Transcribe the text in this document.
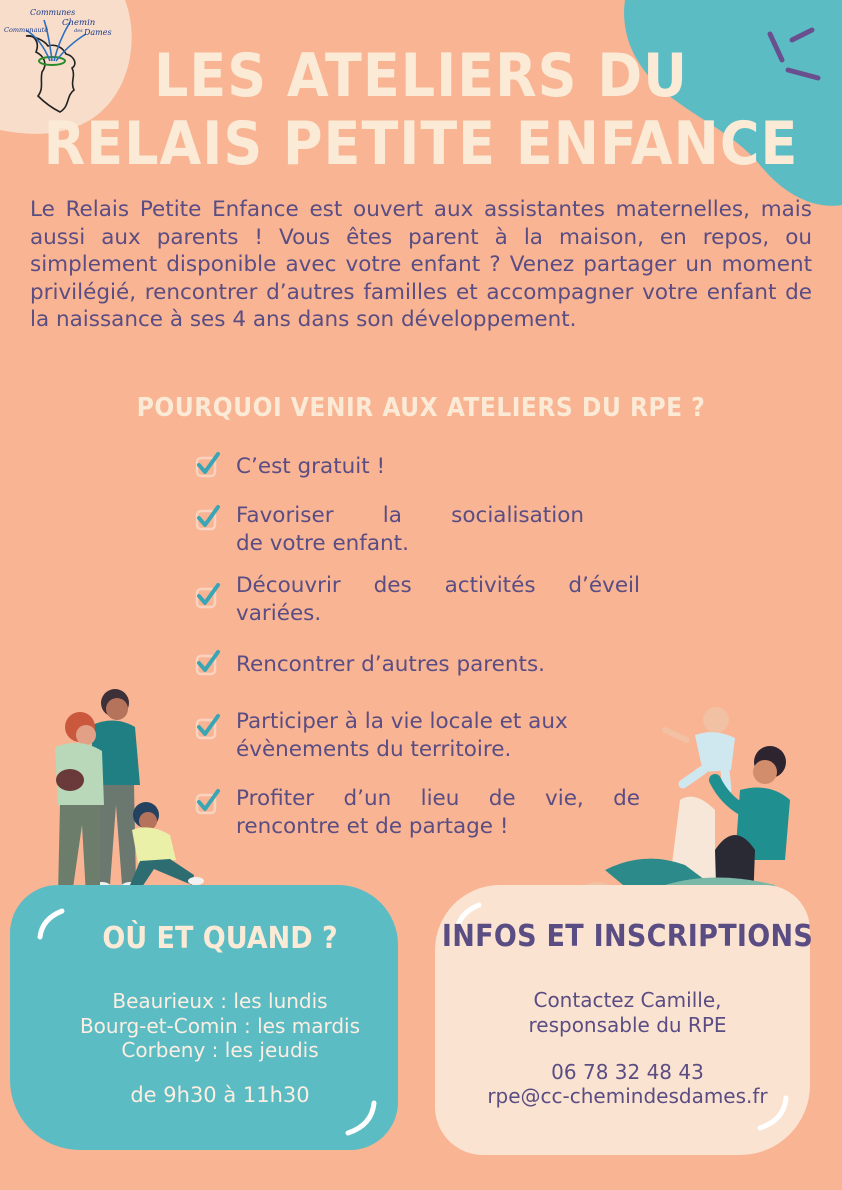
Communes
Chemin
Communauté	des Dames
LES ATELIERS DU
RELAIS PETITE ENFANCE
Le Relais Petite Enfance est ouvert aux assistantes maternelles, mais aussi aux parents ! Vous êtes parent à la maison, en repos, ou simplement disponible avec votre enfant ? Venez partager un moment privilégié, rencontrer d’autres familles et accompagner votre enfant de la naissance à ses 4 ans dans son développement.
POURQUOI VENIR AUX ATELIERS DU RPE ?
C’est gratuit !
Favoriser la socialisation
de votre enfant.
Découvrir des activités d’éveil
variées.
Rencontrer d’autres parents.
Participer à la vie locale et aux
évènements du territoire.
Profiter d’un lieu de vie, de
rencontre et de partage !
OÙ ET QUAND ?
Beaurieux : les lundis
Bourg-et-Comin : les mardis
Corbeny : les jeudis
de 9h30 à 11h30
INFOS ET INSCRIPTIONS
Contactez Camille,
responsable du RPE
06 78 32 48 43
rpe@cc-chemindesdames.fr
